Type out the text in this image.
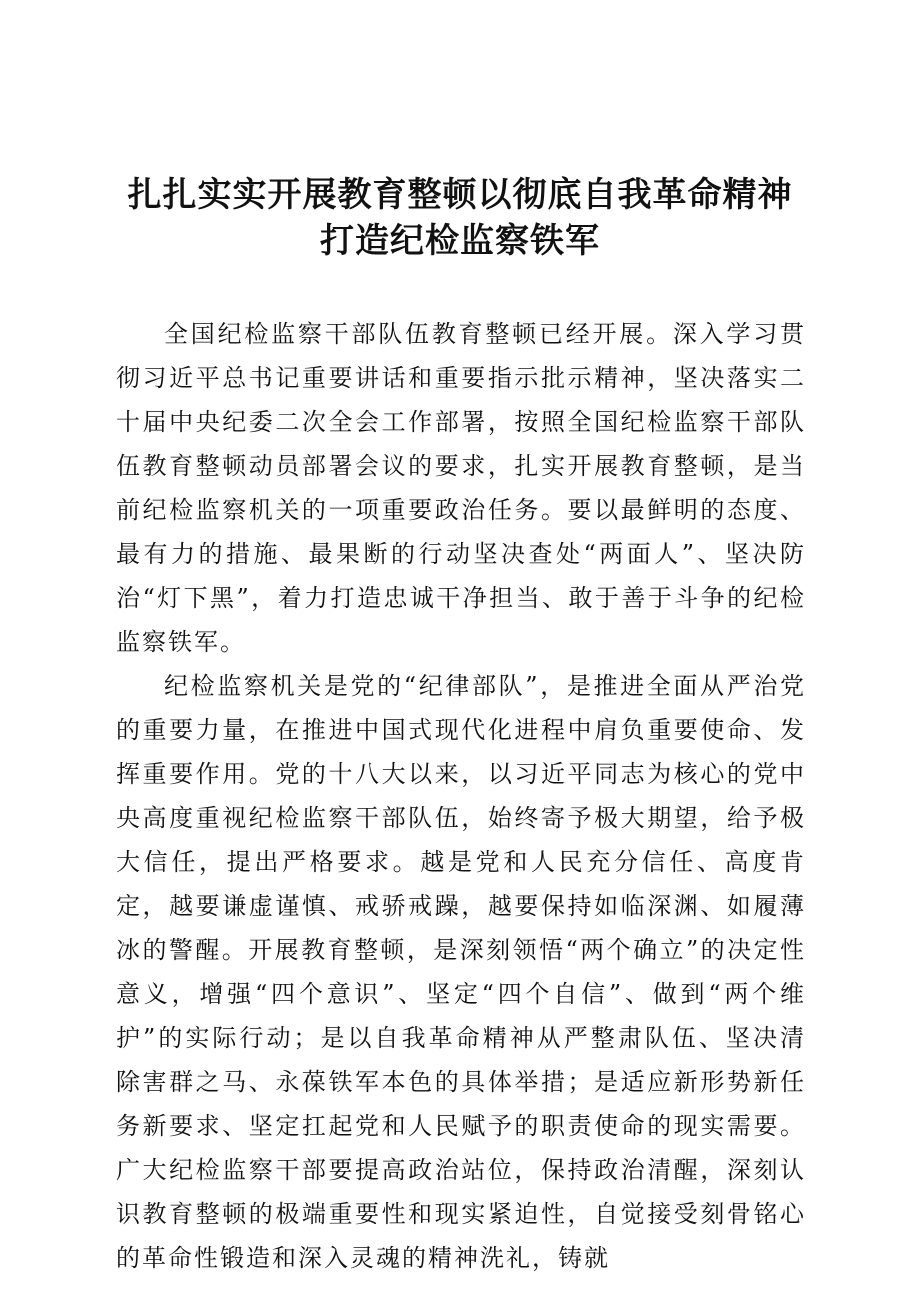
扎扎实实开展教育整顿以彻底自我革命精神
打造纪检监察铁军

全国纪检监察干部队伍教育整顿已经开展。深入学习贯彻习近平总书记重要讲话和重要指示批示精神，坚决落实二十届中央纪委二次全会工作部署，按照全国纪检监察干部队伍教育整顿动员部署会议的要求，扎实开展教育整顿，是当前纪检监察机关的一项重要政治任务。要以最鲜明的态度、最有力的措施、最果断的行动坚决查处“两面人”、坚决防治“灯下黑”，着力打造忠诚干净担当、敢于善于斗争的纪检监察铁军。

纪检监察机关是党的“纪律部队”，是推进全面从严治党的重要力量，在推进中国式现代化进程中肩负重要使命、发挥重要作用。党的十八大以来，以习近平同志为核心的党中央高度重视纪检监察干部队伍，始终寄予极大期望，给予极大信任，提出严格要求。越是党和人民充分信任、高度肯定，越要谦虚谨慎、戒骄戒躁，越要保持如临深渊、如履薄冰的警醒。开展教育整顿，是深刻领悟“两个确立”的决定性意义，增强“四个意识”、坚定“四个自信”、做到“两个维护”的实际行动；是以自我革命精神从严整肃队伍、坚决清除害群之马、永葆铁军本色的具体举措；是适应新形势新任务新要求、坚定扛起党和人民赋予的职责使命的现实需要。广大纪检监察干部要提高政治站位，保持政治清醒，深刻认识教育整顿的极端重要性和现实紧迫性，自觉接受刻骨铭心的革命性锻造和深入灵魂的精神洗礼，铸就
